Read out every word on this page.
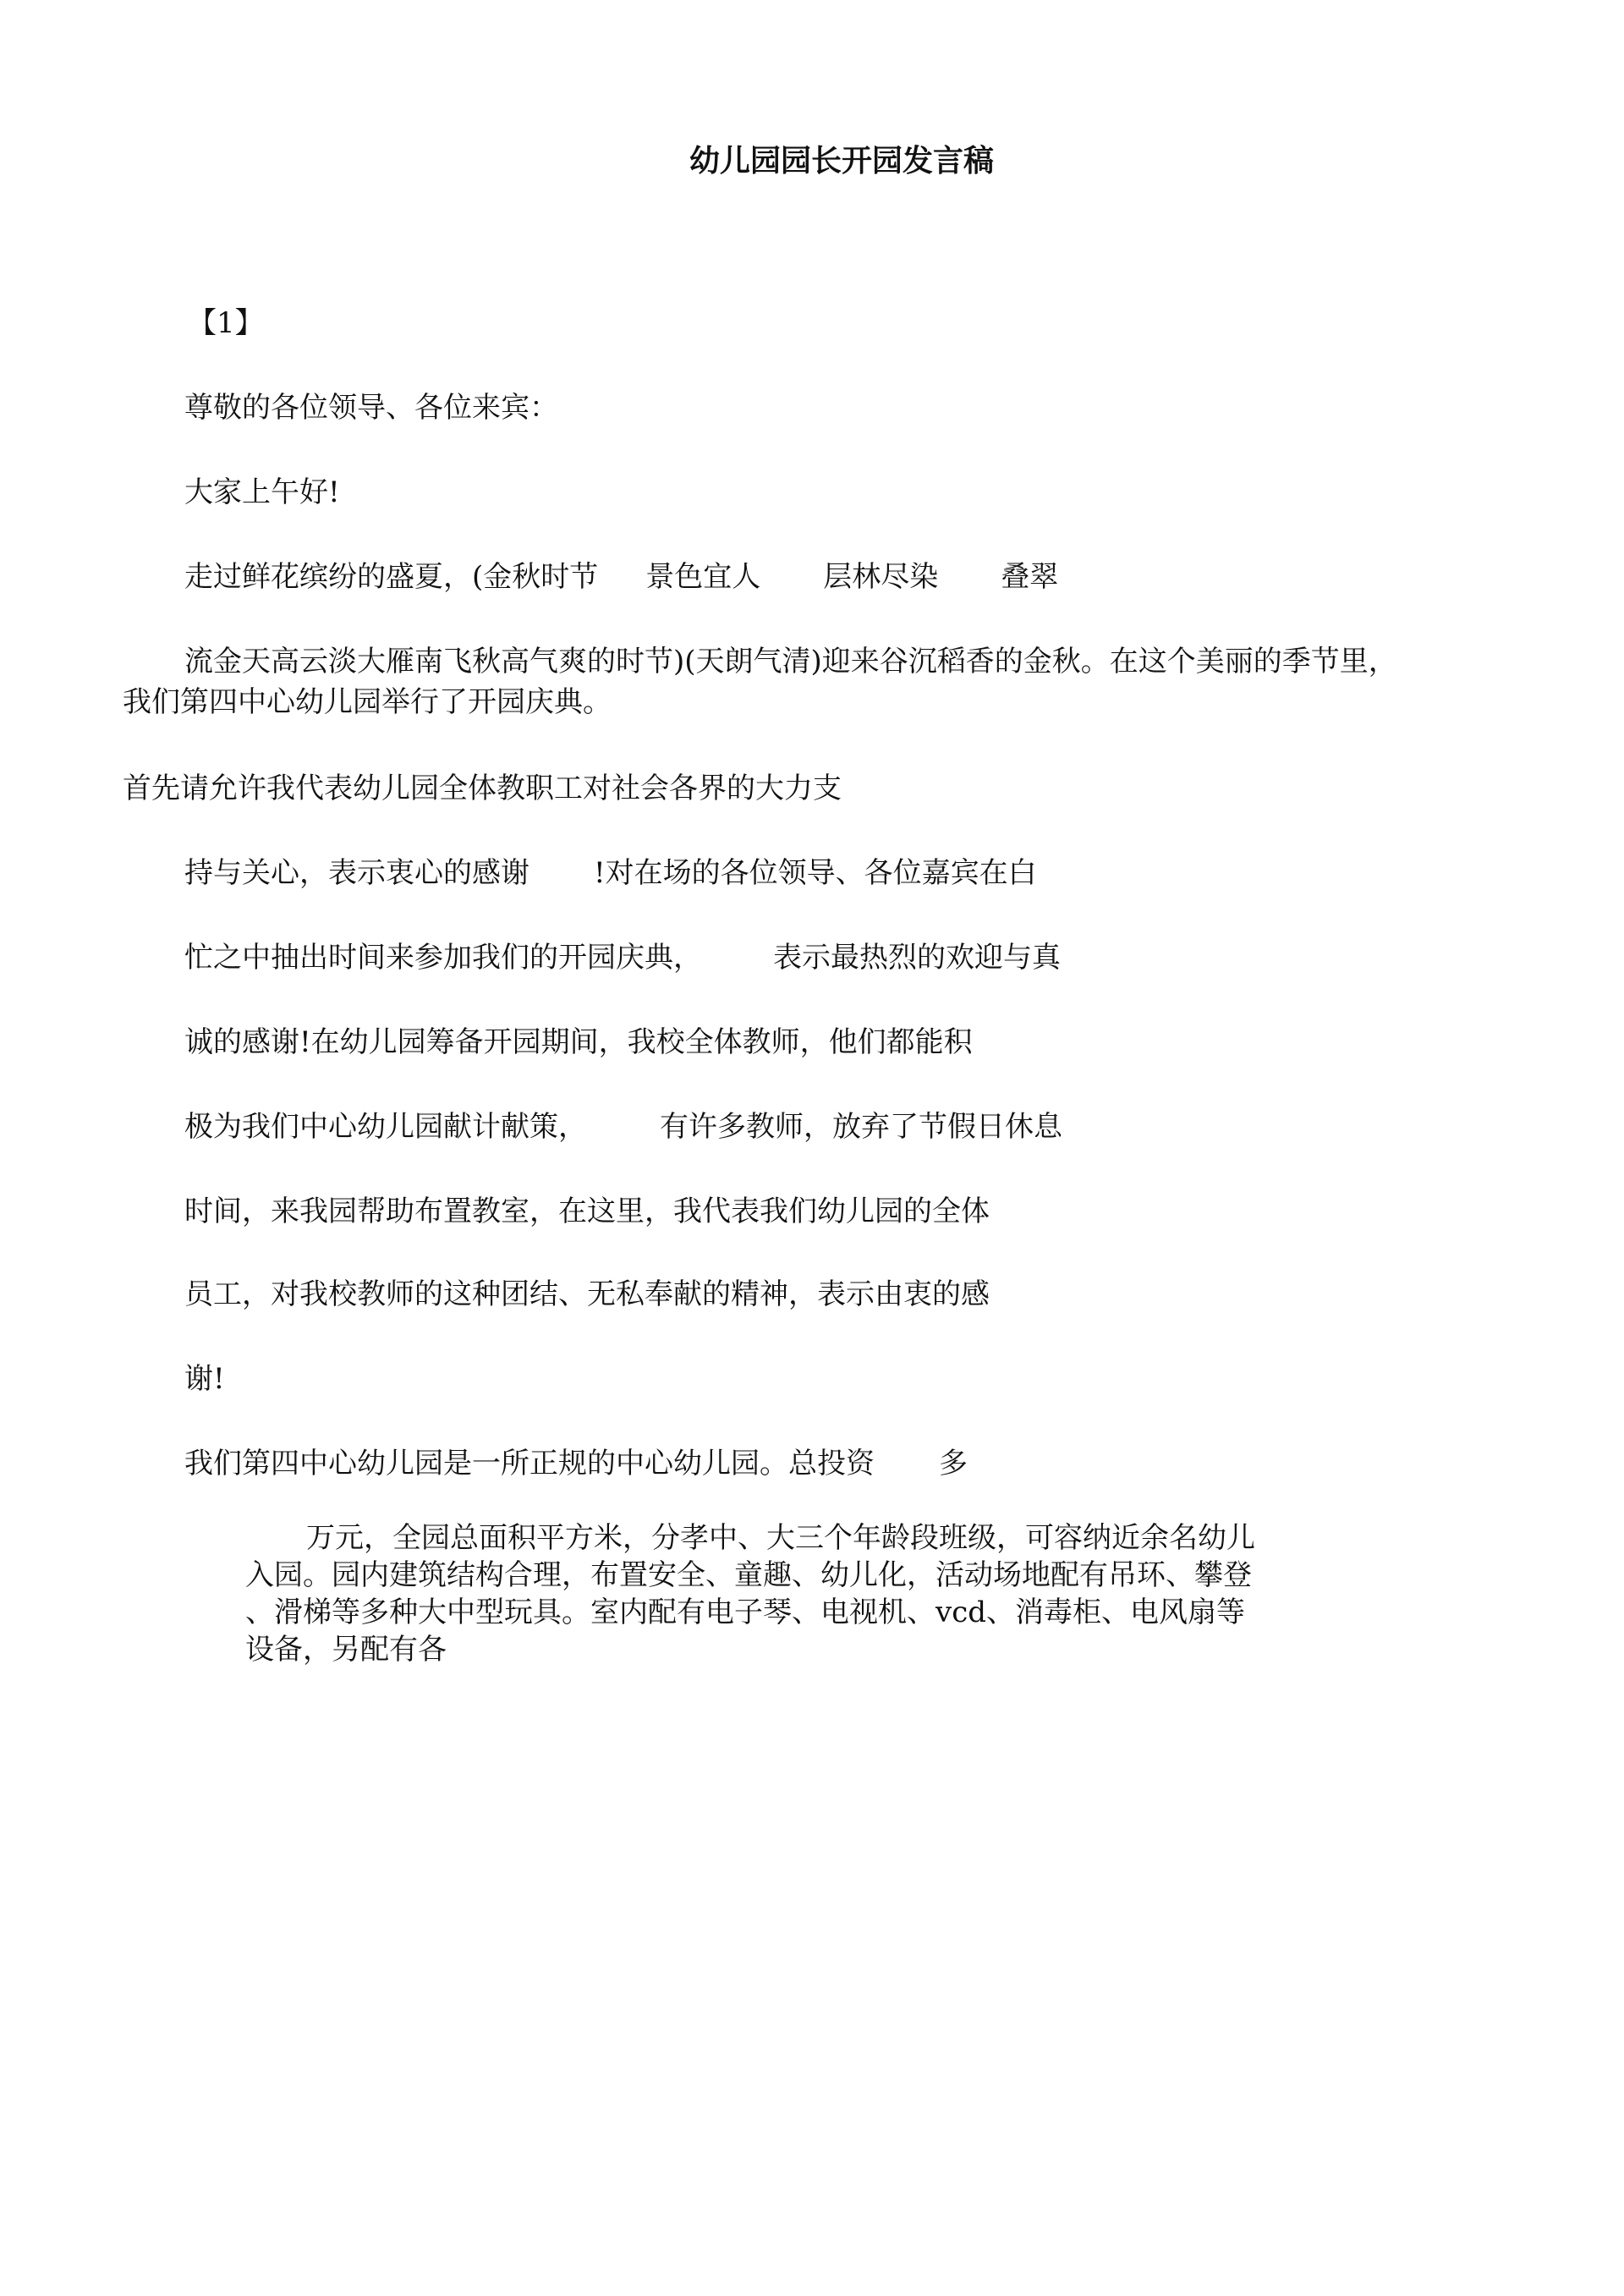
幼儿园园长开园发言稿

【1】

尊敬的各位领导、各位来宾：

大家上午好!

走过鲜花缤纷的盛夏，(金秋时节 景色宜人 层林尽染 叠翠

流金天高云淡大雁南飞秋高气爽的时节)(天朗气清)迎来谷沉稻香的金秋。在这个美丽的季节里，

我们第四中心幼儿园举行了开园庆典。

首先请允许我代表幼儿园全体教职工对社会各界的大力支

持与关心，表示衷心的感谢 !对在场的各位领导、各位嘉宾在白

忙之中抽出时间来参加我们的开园庆典， 表示最热烈的欢迎与真

诚的感谢!在幼儿园筹备开园期间，我校全体教师，他们都能积

极为我们中心幼儿园献计献策，	有许多教师，放弃了节假日休息

时间，来我园帮助布置教室，在这里，我代表我们幼儿园的全体

员工，对我校教师的这种团结、无私奉献的精神，表示由衷的感

谢!

我们第四中心幼儿园是一所正规的中心幼儿园。总投资 多

万元，全园总面积平方米，分孝中、大三个年龄段班级，可容纳近余名幼儿

入园。园内建筑结构合理，布置安全、童趣、幼儿化，活动场地配有吊环、攀登

、滑梯等多种大中型玩具。室内配有电子琴、电视机、vcd、消毒柜、电风扇等

设备，另配有各
